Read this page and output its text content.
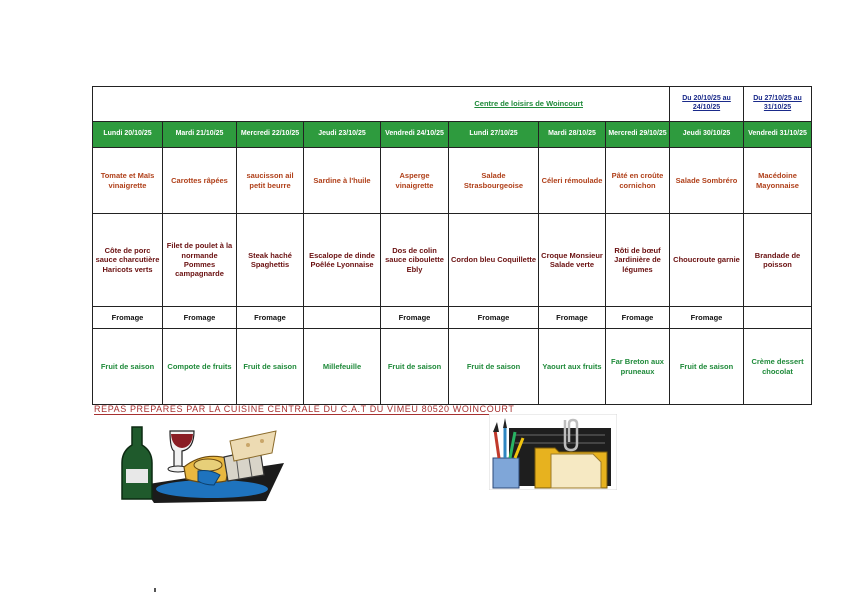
Centre de loisirs de Woincourt								Du 20/10/25 au 24/10/25	Du 27/10/25 au 31/10/25
Lundi 20/10/25	Mardi 21/10/25	Mercredi 22/10/25	Jeudi 23/10/25	Vendredi 24/10/25	Lundi 27/10/25	Mardi 28/10/25	Mercredi 29/10/25	Jeudi 30/10/25	Vendredi 31/10/25
Tomate et Maïs vinaigrette	Carottes râpées	saucisson ail petit beurre	Sardine à l'huile	Asperge vinaigrette	Salade Strasbourgeoise	Céleri rémoulade	Pâté en croûte cornichon	Salade Sombréro	Macédoine Mayonnaise
Côte de porc sauce charcutière Haricots verts	Filet de poulet à la normande Pommes campagnarde	Steak haché Spaghettis	Escalope de dinde Poêlée Lyonnaise	Dos de colin sauce ciboulette Ebly	Cordon bleu Coquillette	Croque Monsieur Salade verte	Rôti de bœuf Jardinière de légumes	Choucroute garnie	Brandade de poisson
Fromage	Fromage	Fromage		Fromage	Fromage	Fromage	Fromage	Fromage	
Fruit de saison	Compote de fruits	Fruit de saison	Millefeuille	Fruit de saison	Fruit de saison	Yaourt aux fruits	Far Breton aux pruneaux	Fruit de saison	Crème dessert chocolat
REPAS PREPARES PAR LA CUISINE CENTRALE DU C.A.T DU VIMEU 80520 WOINCOURT
